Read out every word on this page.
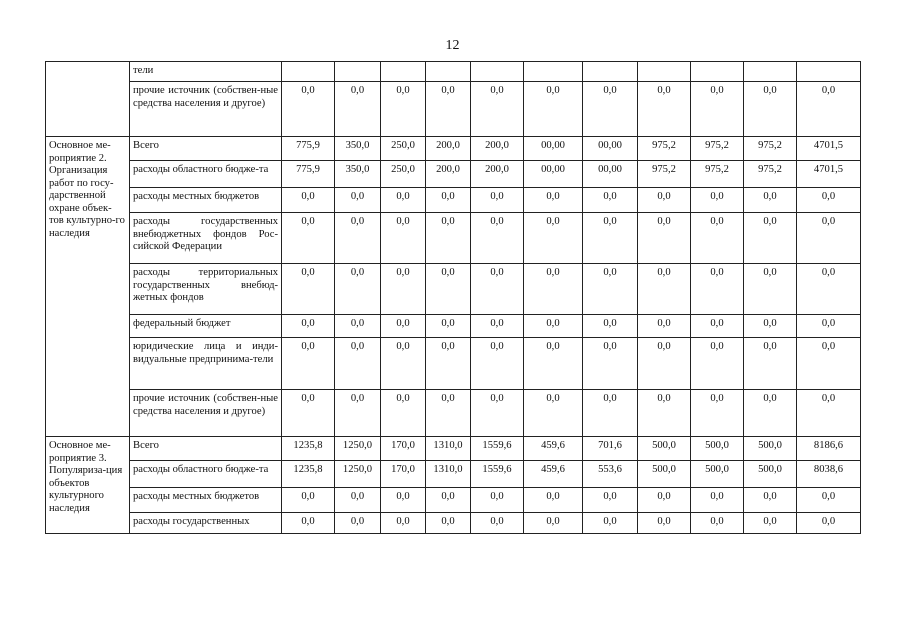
12
	тели											
	прочие источник (собствен-ные средства населения и другое)	0,0	0,0	0,0	0,0	0,0	0,0	0,0	0,0	0,0	0,0	0,0
Основное ме-роприятие 2. Организация работ по госу-дарственной охране объек-тов культурно-го наследия	Всего	775,9	350,0	250,0	200,0	200,0	00,00	00,00	975,2	975,2	975,2	4701,5
	расходы областного бюдже-та	775,9	350,0	250,0	200,0	200,0	00,00	00,00	975,2	975,2	975,2	4701,5
	расходы местных бюджетов	0,0	0,0	0,0	0,0	0,0	0,0	0,0	0,0	0,0	0,0	0,0
	расходы государственных внебюджетных фондов Рос-сийской Федерации	0,0	0,0	0,0	0,0	0,0	0,0	0,0	0,0	0,0	0,0	0,0
	расходы территориальных государственных внебюд-жетных фондов	0,0	0,0	0,0	0,0	0,0	0,0	0,0	0,0	0,0	0,0	0,0
	федеральный бюджет	0,0	0,0	0,0	0,0	0,0	0,0	0,0	0,0	0,0	0,0	0,0
	юридические лица и инди-видуальные предпринима-тели	0,0	0,0	0,0	0,0	0,0	0,0	0,0	0,0	0,0	0,0	0,0
	прочие источник (собствен-ные средства населения и другое)	0,0	0,0	0,0	0,0	0,0	0,0	0,0	0,0	0,0	0,0	0,0
Основное ме-роприятие 3. Популяриза-ция объектов культурного наследия	Всего	1235,8	1250,0	170,0	1310,0	1559,6	459,6	701,6	500,0	500,0	500,0	8186,6
	расходы областного бюдже-та	1235,8	1250,0	170,0	1310,0	1559,6	459,6	553,6	500,0	500,0	500,0	8038,6
	расходы местных бюджетов	0,0	0,0	0,0	0,0	0,0	0,0	0,0	0,0	0,0	0,0	0,0
	расходы государственных	0,0	0,0	0,0	0,0	0,0	0,0	0,0	0,0	0,0	0,0	0,0
